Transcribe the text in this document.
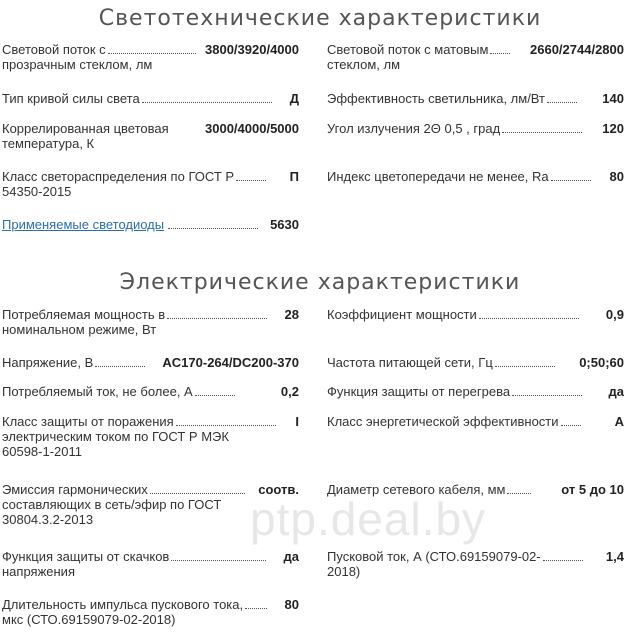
Светотехнические характеристики
Световой поток с	3800/3920/4000
прозрачным стеклом, лм
Тип кривой силы света	Д
Коррелированная цветовая	3000/4000/5000
температура, К
Класс светораспределения по ГОСТ Р	П
54350-2015
Применяемые светодиоды	5630
Световой поток с матовым	2660/2744/2800
стеклом, лм
Эффективность светильника, лм/Вт	140
Угол излучения 2Θ 0,5 , град	120
Индекс цветопередачи не менее, Ra	80
Электрические характеристики
Потребляемая мощность в	28
номинальном режиме, Вт
Напряжение, В	AC170-264/DC200-370
Потребляемый ток, не более, А	0,2
Класс защиты от поражения	I
электрическим током по ГОСТ Р МЭК
60598-1-2011
Эмиссия гармонических	соотв.
составляющих в сеть/эфир по ГОСТ
30804.3.2-2013
Функция защиты от скачков	да
напряжения
Длительность импульса пускового тока,	80
мкс (СТО.69159079-02-2018)
Коэффициент мощности	0,9
Частота питающей сети, Гц	0;50;60
Функция защиты от перегрева	да
Класс энергетической эффективности	A
Диаметр сетевого кабеля, мм	от 5 до 10
Пусковой ток, А (СТО.69159079-02-	1,4
2018)
ptp.deal.by
